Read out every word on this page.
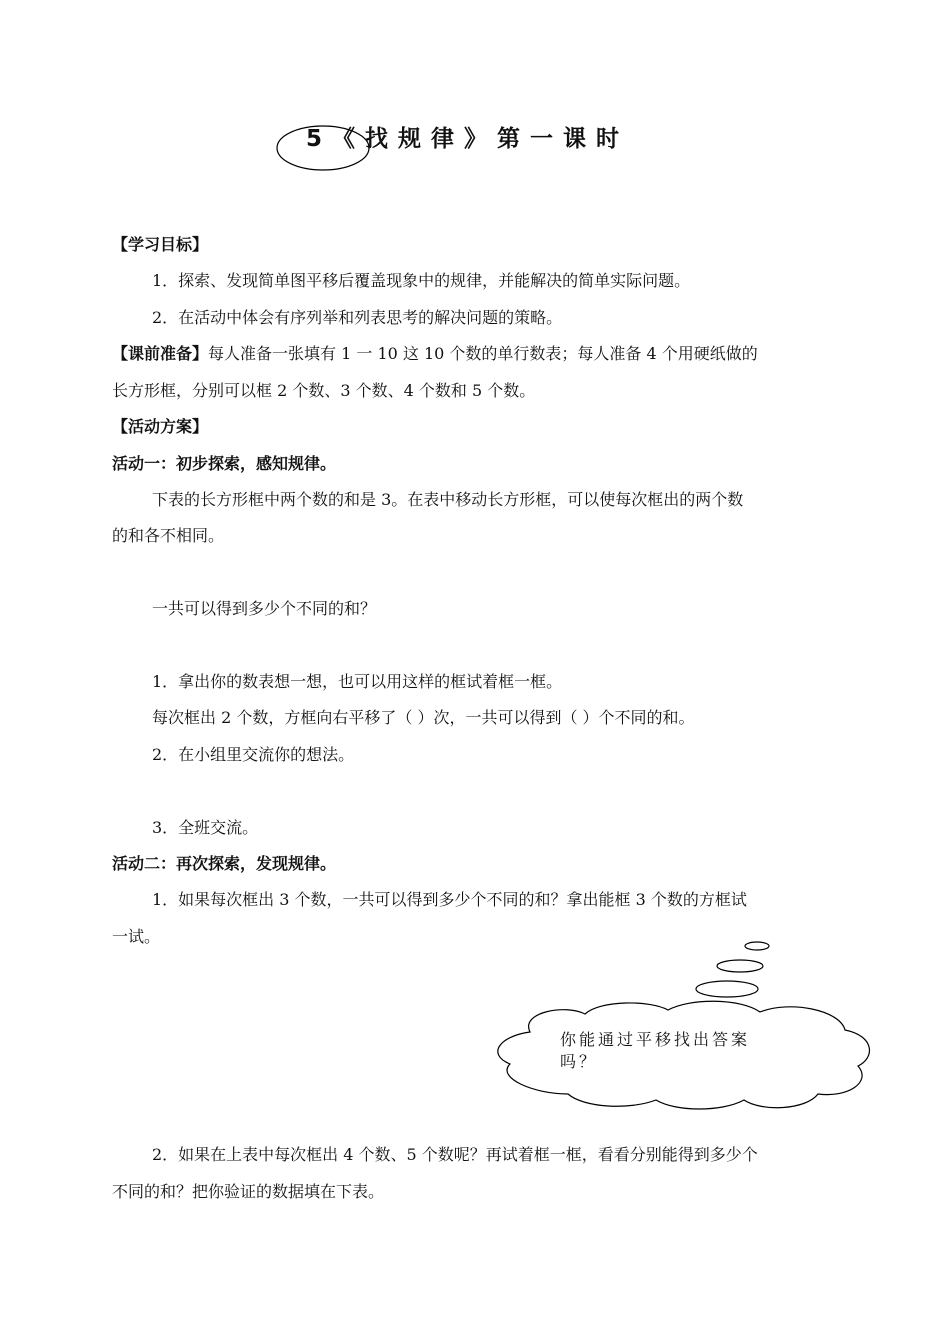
5《找规律》第一课时
【学习目标】
1．探索、发现简单图平移后覆盖现象中的规律，并能解决的简单实际问题。
2．在活动中体会有序列举和列表思考的解决问题的策略。
【课前准备】每人准备一张填有 1 一 10 这 10 个数的单行数表；每人准备 4 个用硬纸做的
长方形框，分别可以框 2 个数、3 个数、4 个数和 5 个数。
【活动方案】
活动一：初步探索，感知规律。
下表的长方形框中两个数的和是 3。在表中移动长方形框，可以使每次框出的两个数
的和各不相同。
一共可以得到多少个不同的和？
1．拿出你的数表想一想，也可以用这样的框试着框一框。
每次框出 2 个数，方框向右平移了（ ）次，一共可以得到（ ）个不同的和。
2．在小组里交流你的想法。
3．全班交流。
活动二：再次探索，发现规律。
1．如果每次框出 3 个数，一共可以得到多少个不同的和？拿出能框 3 个数的方框试
一试。
你能通过平移找出答案
吗？
2．如果在上表中每次框出 4 个数、5 个数呢？再试着框一框，看看分别能得到多少个
不同的和？把你验证的数据填在下表。
